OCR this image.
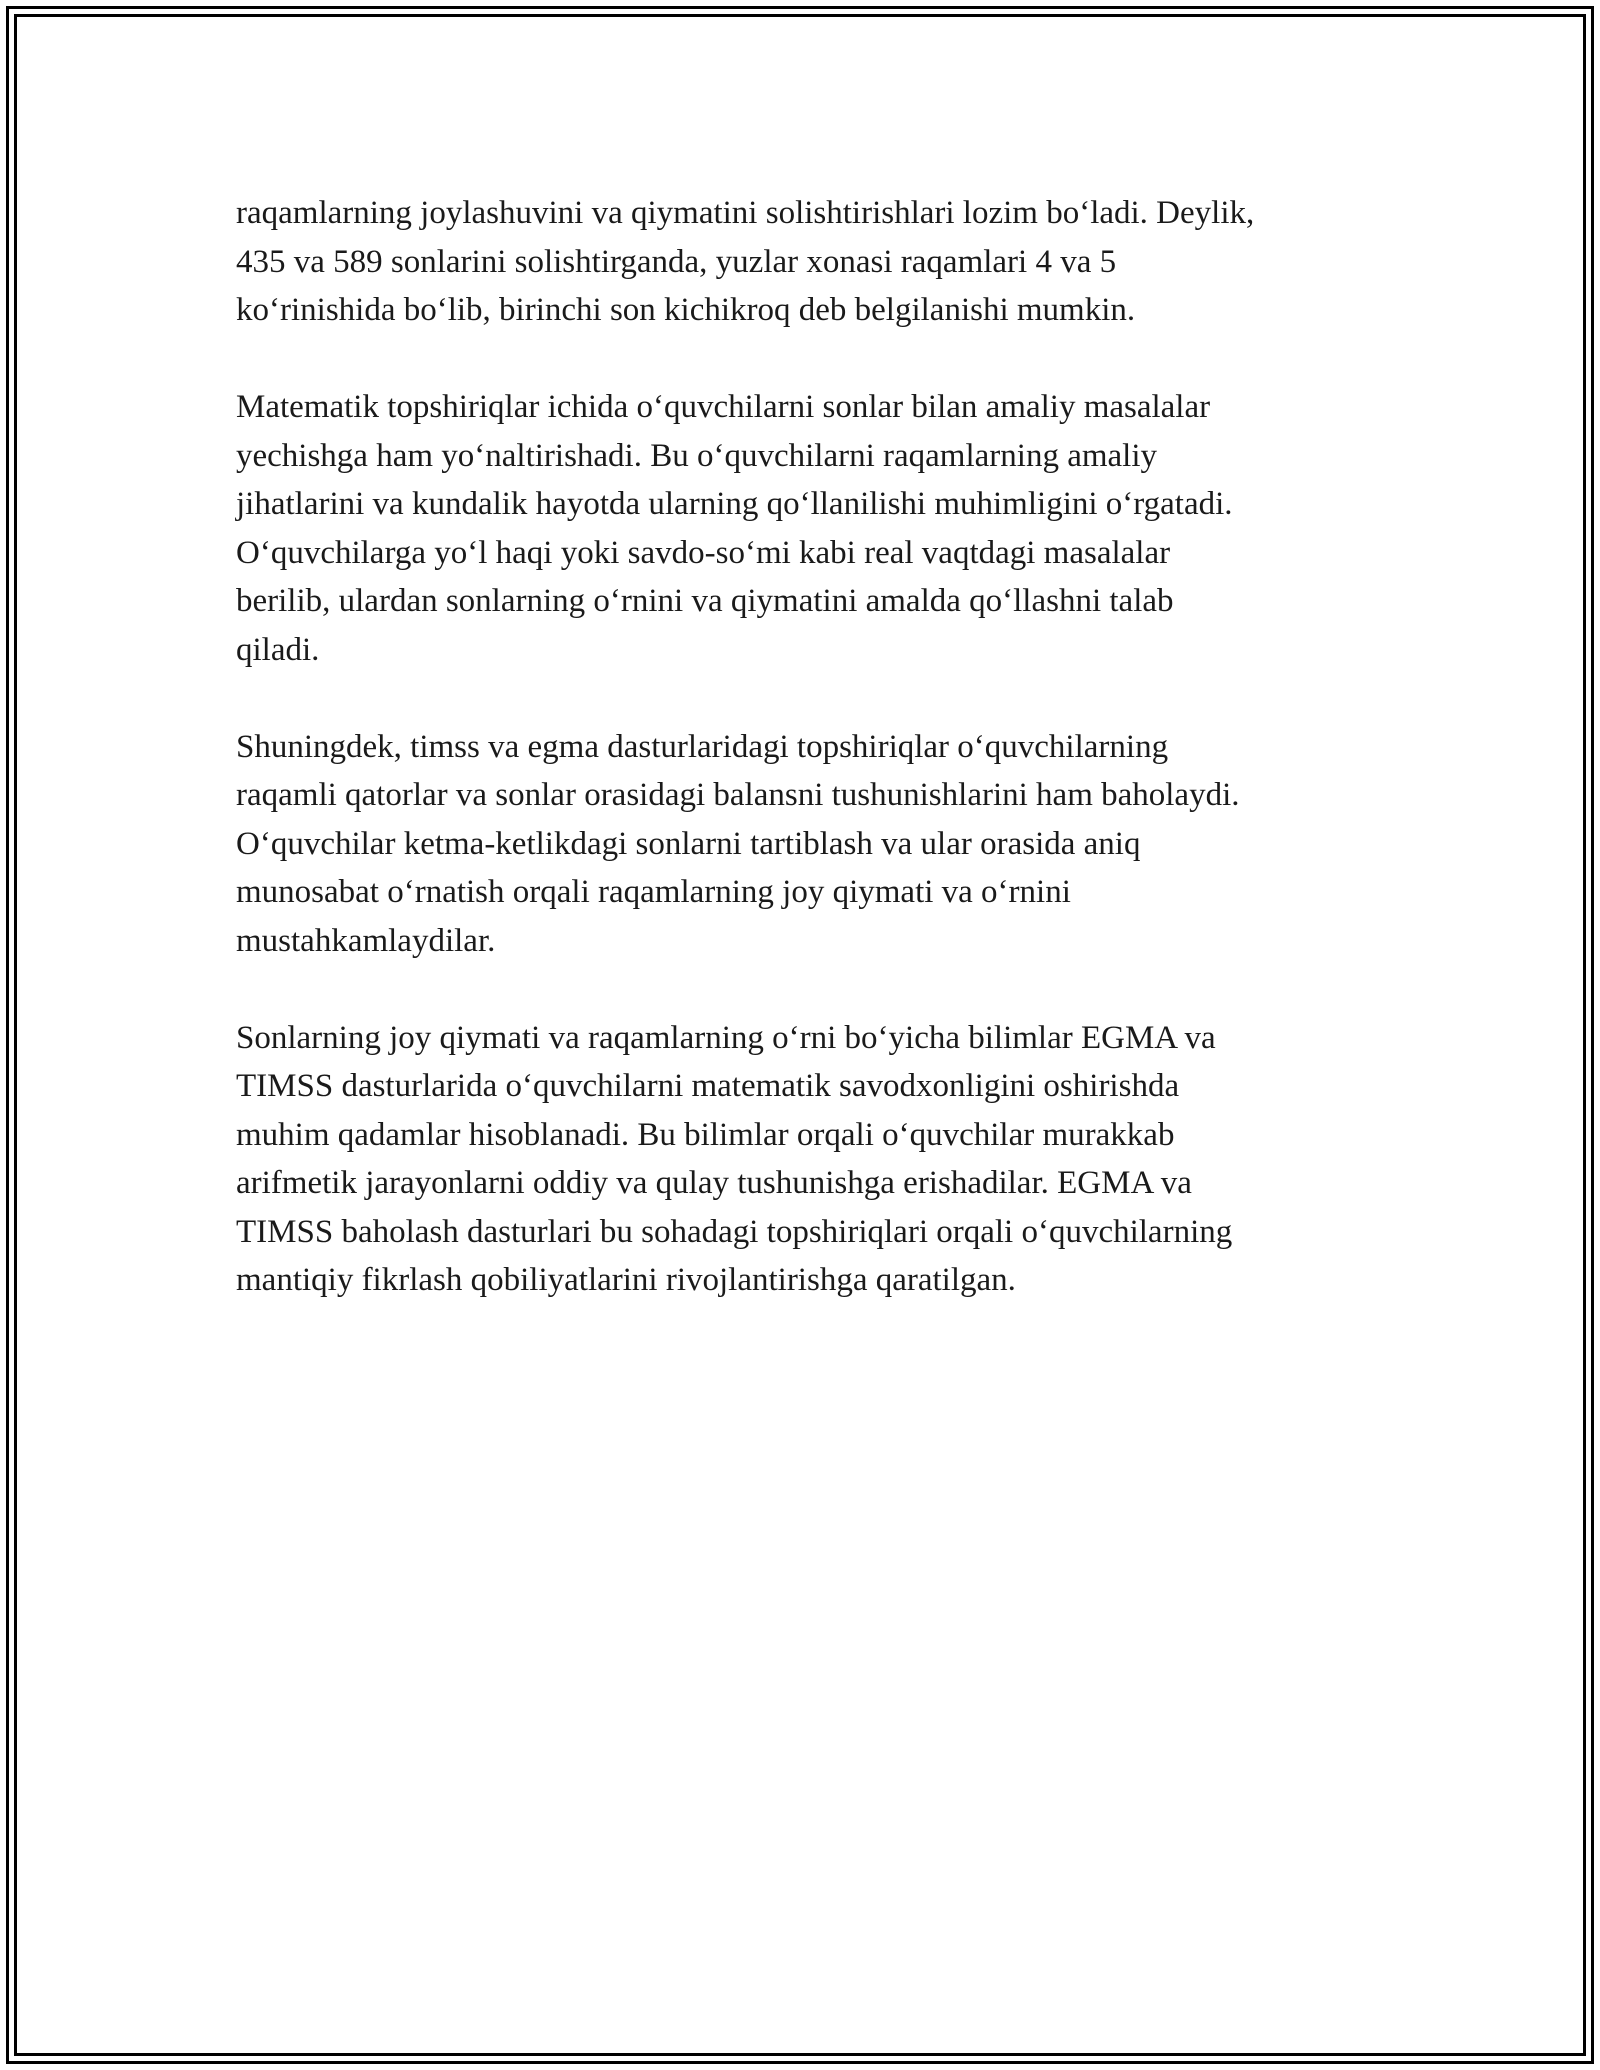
raqamlarning joylashuvini va qiymatini solishtirishlari lozim bo‘ladi. Deylik,
435 va 589 sonlarini solishtirganda, yuzlar xonasi raqamlari 4 va 5
ko‘rinishida bo‘lib, birinchi son kichikroq deb belgilanishi mumkin.

Matematik topshiriqlar ichida o‘quvchilarni sonlar bilan amaliy masalalar
yechishga ham yo‘naltirishadi. Bu o‘quvchilarni raqamlarning amaliy
jihatlarini va kundalik hayotda ularning qo‘llanilishi muhimligini o‘rgatadi.
O‘quvchilarga yo‘l haqi yoki savdo-so‘mi kabi real vaqtdagi masalalar
berilib, ulardan sonlarning o‘rnini va qiymatini amalda qo‘llashni talab
qiladi.

Shuningdek, timss va egma dasturlaridagi topshiriqlar o‘quvchilarning
raqamli qatorlar va sonlar orasidagi balansni tushunishlarini ham baholaydi.
O‘quvchilar ketma-ketlikdagi sonlarni tartiblash va ular orasida aniq
munosabat o‘rnatish orqali raqamlarning joy qiymati va o‘rnini
mustahkamlaydilar.

Sonlarning joy qiymati va raqamlarning o‘rni bo‘yicha bilimlar EGMA va
TIMSS dasturlarida o‘quvchilarni matematik savodxonligini oshirishda
muhim qadamlar hisoblanadi. Bu bilimlar orqali o‘quvchilar murakkab
arifmetik jarayonlarni oddiy va qulay tushunishga erishadilar. EGMA va
TIMSS baholash dasturlari bu sohadagi topshiriqlari orqali o‘quvchilarning
mantiqiy fikrlash qobiliyatlarini rivojlantirishga qaratilgan.
